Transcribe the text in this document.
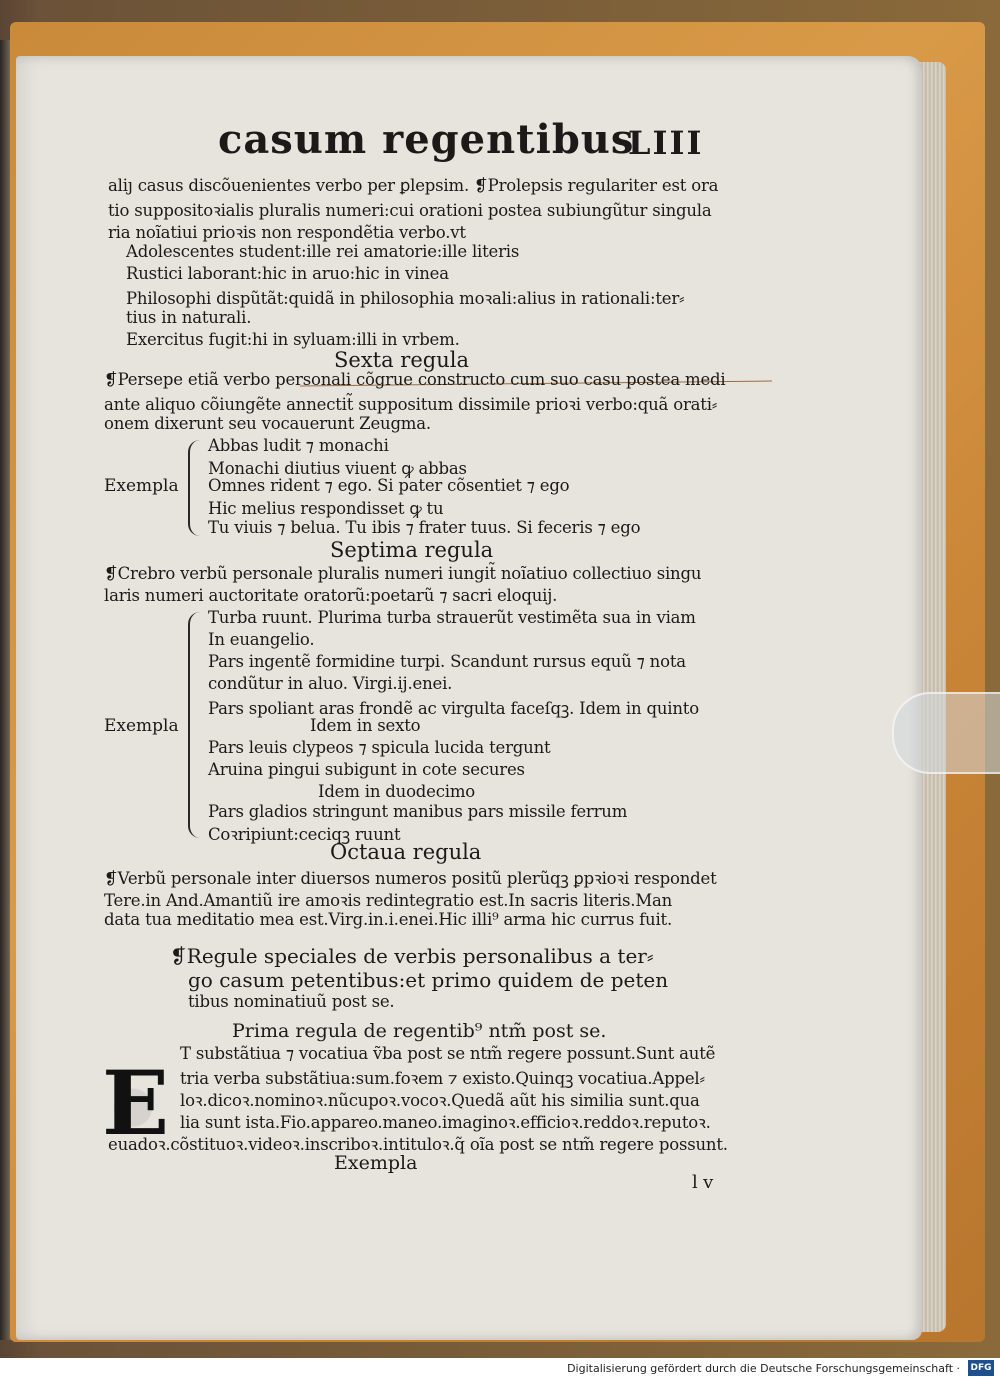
casum regentibus
LIII
aliȷ casus discõuenientes verbo per ꝑlepsim. ❡Prolepsis regulariter est ora
tio suppositoꝛialis pluralis numeri:cui orationi postea subiungũtur singula
ria noĩatiui prioꝛis non respondẽtia verbo.vt
Adolescentes student:ille rei amatorie:ille literis
Rustici laborant:hic in aruo:hic in vinea
Philosophi dispũtãt:quidã in philosophia moꝛali:alius in rationali:ter⸗
tius in naturali.
Exercitus fugit:hi in syluam:illi in vrbem.
Sexta regula
❡Persepe etiã verbo personali cõgrue constructo cum suo casu postea medi
ante aliquo cõiungẽte annectit̃ suppositum dissimile prioꝛi verbo:quã orati⸗
onem dixerunt seu vocauerunt Zeugma.
Exempla
Abbas ludit ⁊ monachi
Monachi diutius viuent ꝙ abbas
Omnes rident ⁊ ego. Si pater cõsentiet ⁊ ego
Hic melius respondisset ꝙ tu
Tu viuis ⁊ belua. Tu ibis ⁊ frater tuus. Si feceris ⁊ ego
Septima regula
❡Crebro verbũ personale pluralis numeri iungit̃ noĩatiuo collectiuo singu
laris numeri auctoritate oratorũ:poetarũ ⁊ sacri eloquij.
Exempla
Turba ruunt. Plurima turba strauerũt vestimẽta sua in viam
In euangelio.
Pars ingentẽ formidine turpi. Scandunt rursus equũ ⁊ nota
condũtur in aluo. Virgi.ij.enei.
Pars spoliant aras frondẽ ac virgulta faceſqꝫ. Idem in quinto
Idem in sexto
Pars leuis clypeos ⁊ spicula lucida tergunt
Aruina pingui subigunt in cote secures
Idem in duodecimo
Pars gladios stringunt manibus pars missile ferrum
Coꝛripiunt:ceciqꝫ ruunt
Octaua regula
❡Verbũ personale inter diuersos numeros positũ plerũqꝫ ꝑpꝛioꝛi respondet
Tere.in And.Amantiũ ire amoꝛis redintegratio est.In sacris literis.Man
data tua meditatio mea est.Virg.in.i.enei.Hic illi⁹ arma hic currus fuit.
❡Regule speciales de verbis personalibus a ter⸗
go casum petentibus:et primo quidem de peten
tibus nominatiuũ post se.
Prima regula de regentib⁹ ntm̃ post se.
E T substãtiua ⁊ vocatiua ṽba post se ntm̃ regere possunt.Sunt autẽ
tria verba substãtiua:sum.foꝛem ⁊ existo.Quinqꝫ vocatiua.Appel⸗
loꝛ.dicoꝛ.nominoꝛ.nũcupoꝛ.vocoꝛ.Quedã aũt his similia sunt.qua
lia sunt ista.Fio.appareo.maneo.imaginoꝛ.efficioꝛ.reddoꝛ.reputoꝛ.
euadoꝛ.cõstituoꝛ.videoꝛ.inscriboꝛ.intituloꝛ.q̃ oĩa post se ntm̃ regere possunt.
Exempla
l v
Digitalisierung gefördert durch die Deutsche Forschungsgemeinschaft · DFG
